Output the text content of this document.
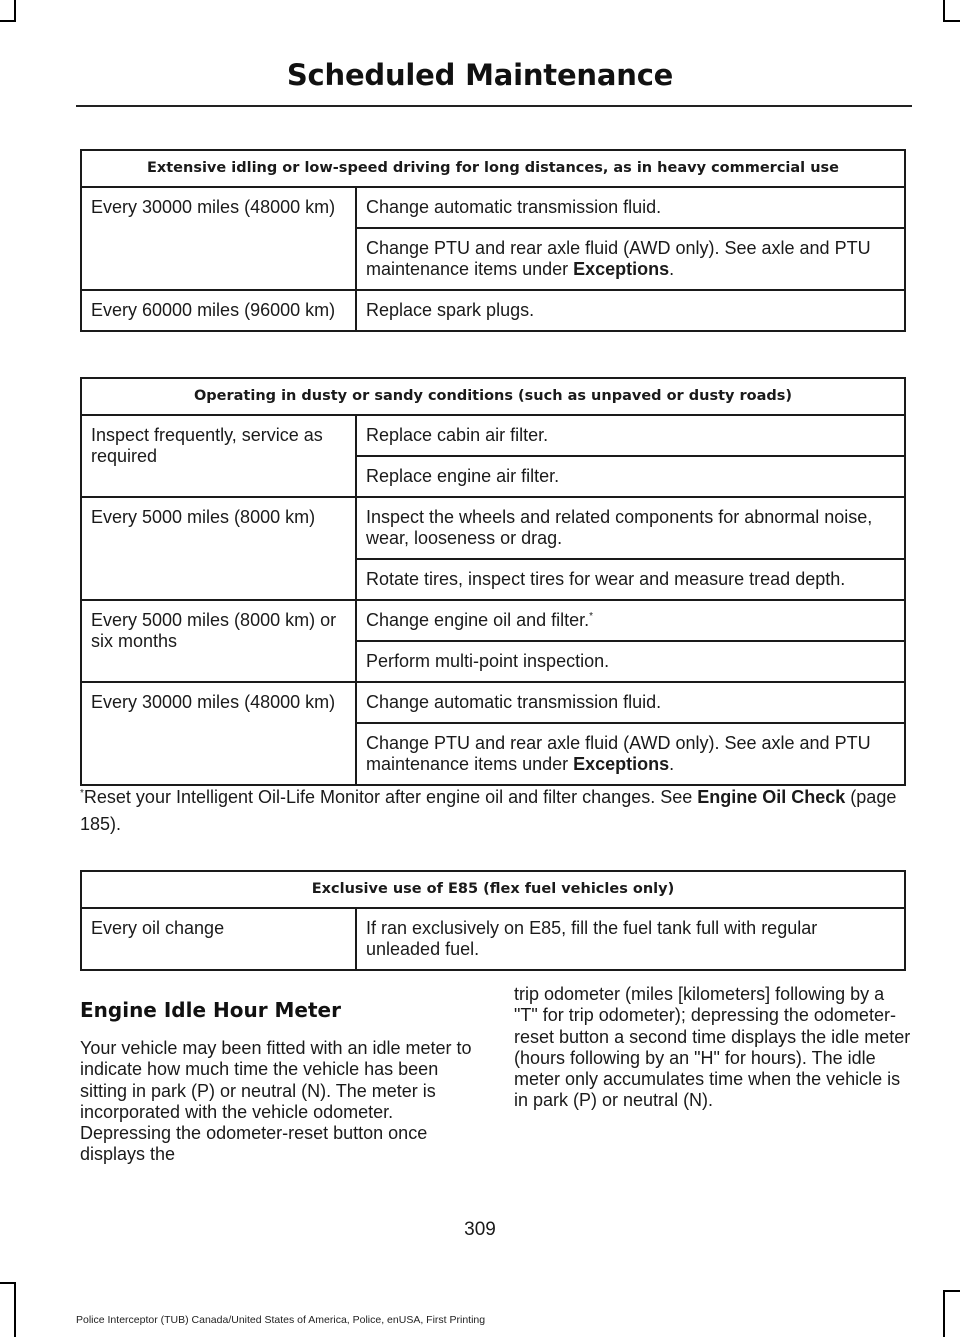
Scheduled Maintenance
Extensive idling or low-speed driving for long distances, as in heavy commercial use	
Every 30000 miles (48000 km)	Change automatic transmission fluid.
	Change PTU and rear axle fluid (AWD only). See axle and PTU maintenance items under Exceptions.
Every 60000 miles (96000 km)	Replace spark plugs.
Operating in dusty or sandy conditions (such as unpaved or dusty roads)	
Inspect frequently, service as required	Replace cabin air filter.
	Replace engine air filter.
Every 5000 miles (8000 km)	Inspect the wheels and related components for abnormal noise, wear, looseness or drag.
	Rotate tires, inspect tires for wear and measure tread depth.
Every 5000 miles (8000 km) or six months	Change engine oil and filter.*
	Perform multi-point inspection.
Every 30000 miles (48000 km)	Change automatic transmission fluid.
	Change PTU and rear axle fluid (AWD only). See axle and PTU maintenance items under Exceptions.
*Reset your Intelligent Oil-Life Monitor after engine oil and filter changes. See Engine Oil Check (page 185).
Exclusive use of E85 (flex fuel vehicles only)
Every oil change	If ran exclusively on E85, fill the fuel tank full with regular unleaded fuel.
Engine Idle Hour Meter
Your vehicle may been fitted with an idle meter to indicate how much time the vehicle has been sitting in park (P) or neutral (N). The meter is incorporated with the vehicle odometer. Depressing the odometer-reset button once displays the
trip odometer (miles [kilometers] following by a "T" for trip odometer); depressing the odometer-reset button a second time displays the idle meter (hours following by an "H" for hours). The idle meter only accumulates time when the vehicle is in park (P) or neutral (N).
309
Police Interceptor (TUB) Canada/United States of America, Police, enUSA, First Printing
